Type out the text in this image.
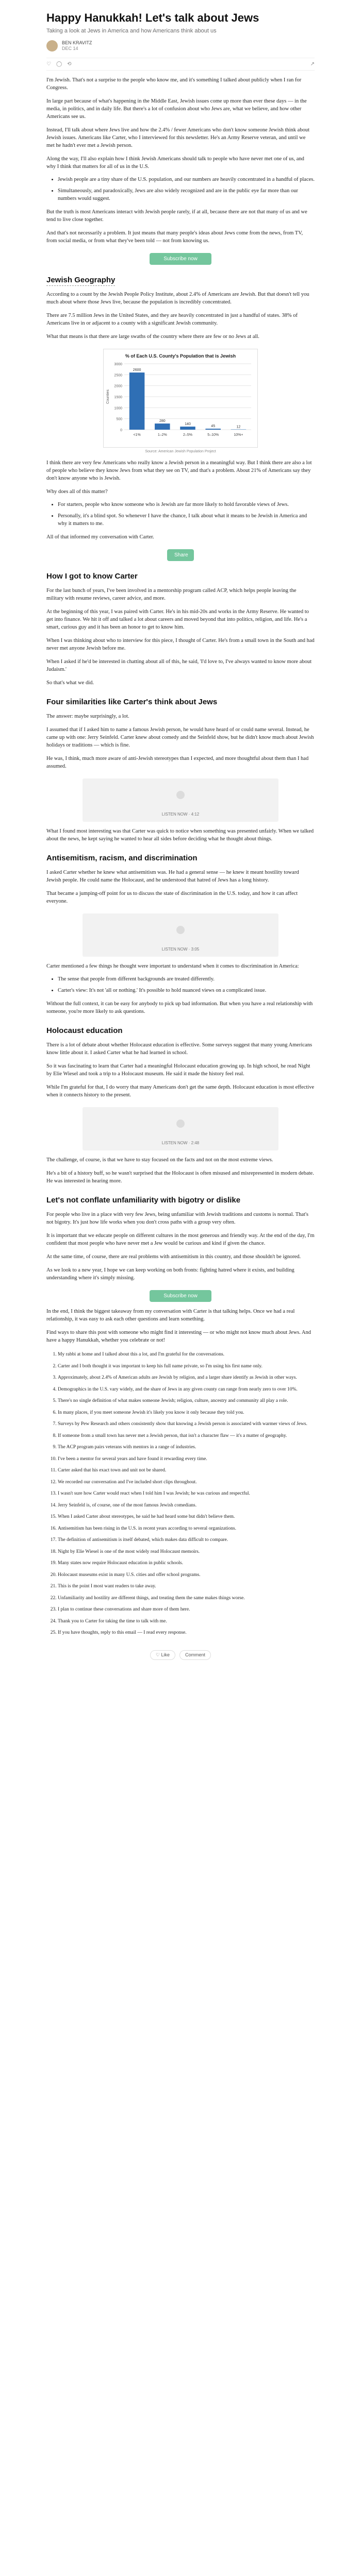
Happy Hanukkah! Let's talk about Jews
Taking a look at Jews in America and how Americans think about us
BEN KRAVITZ
DEC 14
♡ ◯ ⟲	↗

I'm Jewish. That's not a surprise to the people who know me, and it's something I talked about publicly when I ran for Congress.

In large part because of what's happening in the Middle East, Jewish issues come up more than ever these days — in the media, in politics, and in daily life. But there's a lot of confusion about who Jews are, what we believe, and how other Americans see us.

Instead, I'll talk about where Jews live and how the 2.4% / fewer Americans who don't know someone Jewish think about Jewish issues. Americans like Carter, who I interviewed for this newsletter. He's an Army Reserve veteran, and until we met he hadn't ever met a Jewish person.

Along the way, I'll also explain how I think Jewish Americans should talk to people who have never met one of us, and why I think that matters for all of us in the U.S.

• Jewish people are a tiny share of the U.S. population, and our numbers are heavily concentrated in a handful of places.
• Simultaneously, and paradoxically, Jews are also widely recognized and are in the public eye far more than our numbers would suggest.

But the truth is most Americans interact with Jewish people rarely, if at all, because there are not that many of us and we tend to live close together.

And that's not necessarily a problem. It just means that many people's ideas about Jews come from the news, from TV, from social media, or from what they've been told — not from knowing us.

Subscribe now
Jewish Geography

According to a count by the Jewish People Policy Institute, about 2.4% of Americans are Jewish. But that doesn't tell you much about where those Jews live, because the population is incredibly concentrated.

There are 7.5 million Jews in the United States, and they are heavily concentrated in just a handful of states. 38% of Americans live in or adjacent to a county with a significant Jewish community.

What that means is that there are large swaths of the country where there are few or no Jews at all.

% of Each U.S. County's Population that is Jewish
0
500
1000
1500
2000
2500
3000
2600
<1%
280
1–2%
140
2–5%
45
5–10%
12
10%+
Counties
Source: American Jewish Population Project

I think there are very few Americans who really know a Jewish person in a meaningful way. But I think there are also a lot of people who believe they know Jews from what they see on TV, and that's a problem. About 21% of Americans say they don't know anyone who is Jewish.

Why does all of this matter?

• For starters, people who know someone who is Jewish are far more likely to hold favorable views of Jews.
• Personally, it's a blind spot. So whenever I have the chance, I talk about what it means to be Jewish in America and why it matters to me.

All of that informed my conversation with Carter.

Share
How I got to know Carter

For the last bunch of years, I've been involved in a mentorship program called ACP, which helps people leaving the military with resume reviews, career advice, and more.

At the beginning of this year, I was paired with Carter. He's in his mid-20s and works in the Army Reserve. He wanted to get into finance. We hit it off and talked a lot about careers and moved beyond that into politics, religion, and life. He's a smart, curious guy and it has been an honor to get to know him.

When I was thinking about who to interview for this piece, I thought of Carter. He's from a small town in the South and had never met anyone Jewish before me.

When I asked if he'd be interested in chatting about all of this, he said, 'I'd love to, I've always wanted to know more about Judaism.'

So that's what we did.

Four similarities like Carter's think about Jews

The answer: maybe surprisingly, a lot.

I assumed that if I asked him to name a famous Jewish person, he would have heard of or could name several. Instead, he came up with one: Jerry Seinfeld. Carter knew about comedy and the Seinfeld show, but he didn't know much about Jewish holidays or traditions — which is fine.

He was, I think, much more aware of anti-Jewish stereotypes than I expected, and more thoughtful about them than I had assumed.

LISTEN NOW · 4:12

What I found most interesting was that Carter was quick to notice when something was presented unfairly. When we talked about the news, he kept saying he wanted to hear all sides before deciding what he thought about things.

Antisemitism, racism, and discrimination

I asked Carter whether he knew what antisemitism was. He had a general sense — he knew it meant hostility toward Jewish people. He could name the Holocaust, and he understood that hatred of Jews has a long history.

That became a jumping-off point for us to discuss the state of discrimination in the U.S. today, and how it can affect everyone.

LISTEN NOW · 3:05

Carter mentioned a few things he thought were important to understand when it comes to discrimination in America:

• The sense that people from different backgrounds are treated differently.
• Carter's view: It's not 'all or nothing.' It's possible to hold nuanced views on a complicated issue.

Without the full context, it can be easy for anybody to pick up bad information. But when you have a real relationship with someone, you're more likely to ask questions.

Holocaust education

There is a lot of debate about whether Holocaust education is effective. Some surveys suggest that many young Americans know little about it. I asked Carter what he had learned in school.

So it was fascinating to learn that Carter had a meaningful Holocaust education growing up. In high school, he read Night by Elie Wiesel and took a trip to a Holocaust museum. He said it made the history feel real.

While I'm grateful for that, I do worry that many Americans don't get the same depth. Holocaust education is most effective when it connects history to the present.

LISTEN NOW · 2:48

The challenge, of course, is that we have to stay focused on the facts and not on the most extreme views.

He's a bit of a history buff, so he wasn't surprised that the Holocaust is often misused and misrepresented in modern debate. He was interested in hearing more.

Let's not conflate unfamiliarity with bigotry or dislike

For people who live in a place with very few Jews, being unfamiliar with Jewish traditions and customs is normal. That's not bigotry. It's just how life works when you don't cross paths with a group very often.

It is important that we educate people on different cultures in the most generous and friendly way. At the end of the day, I'm confident that most people who have never met a Jew would be curious and kind if given the chance.

At the same time, of course, there are real problems with antisemitism in this country, and those shouldn't be ignored.

As we look to a new year, I hope we can keep working on both fronts: fighting hatred where it exists, and building understanding where it's simply missing.

Subscribe now

In the end, I think the biggest takeaway from my conversation with Carter is that talking helps. Once we had a real relationship, it was easy to ask each other questions and learn something.

Find ways to share this post with someone who might find it interesting — or who might not know much about Jews. And have a happy Hanukkah, whether you celebrate or not!

1. My rabbi at home and I talked about this a lot, and I'm grateful for the conversations.
2. Carter and I both thought it was important to keep his full name private, so I'm using his first name only.
3. Approximately, about 2.4% of American adults are Jewish by religion, and a larger share identify as Jewish in other ways.
4. Demographics in the U.S. vary widely, and the share of Jews in any given county can range from nearly zero to over 10%.
5. There's no single definition of what makes someone Jewish; religion, culture, ancestry and community all play a role.
6. In many places, if you meet someone Jewish it's likely you know it only because they told you.
7. Surveys by Pew Research and others consistently show that knowing a Jewish person is associated with warmer views of Jews.
8. If someone from a small town has never met a Jewish person, that isn't a character flaw — it's a matter of geography.
9. The ACP program pairs veterans with mentors in a range of industries.
10. I've been a mentor for several years and have found it rewarding every time.
11. Carter asked that his exact town and unit not be shared.
12. We recorded our conversation and I've included short clips throughout.
13. I wasn't sure how Carter would react when I told him I was Jewish; he was curious and respectful.
14. Jerry Seinfeld is, of course, one of the most famous Jewish comedians.
15. When I asked Carter about stereotypes, he said he had heard some but didn't believe them.
16. Antisemitism has been rising in the U.S. in recent years according to several organizations.
17. The definition of antisemitism is itself debated, which makes data difficult to compare.
18. Night by Elie Wiesel is one of the most widely read Holocaust memoirs.
19. Many states now require Holocaust education in public schools.
20. Holocaust museums exist in many U.S. cities and offer school programs.
21. This is the point I most want readers to take away.
22. Unfamiliarity and hostility are different things, and treating them the same makes things worse.
23. I plan to continue these conversations and share more of them here.
24. Thank you to Carter for taking the time to talk with me.
25. If you have thoughts, reply to this email — I read every response.
♡ Like	Comment
